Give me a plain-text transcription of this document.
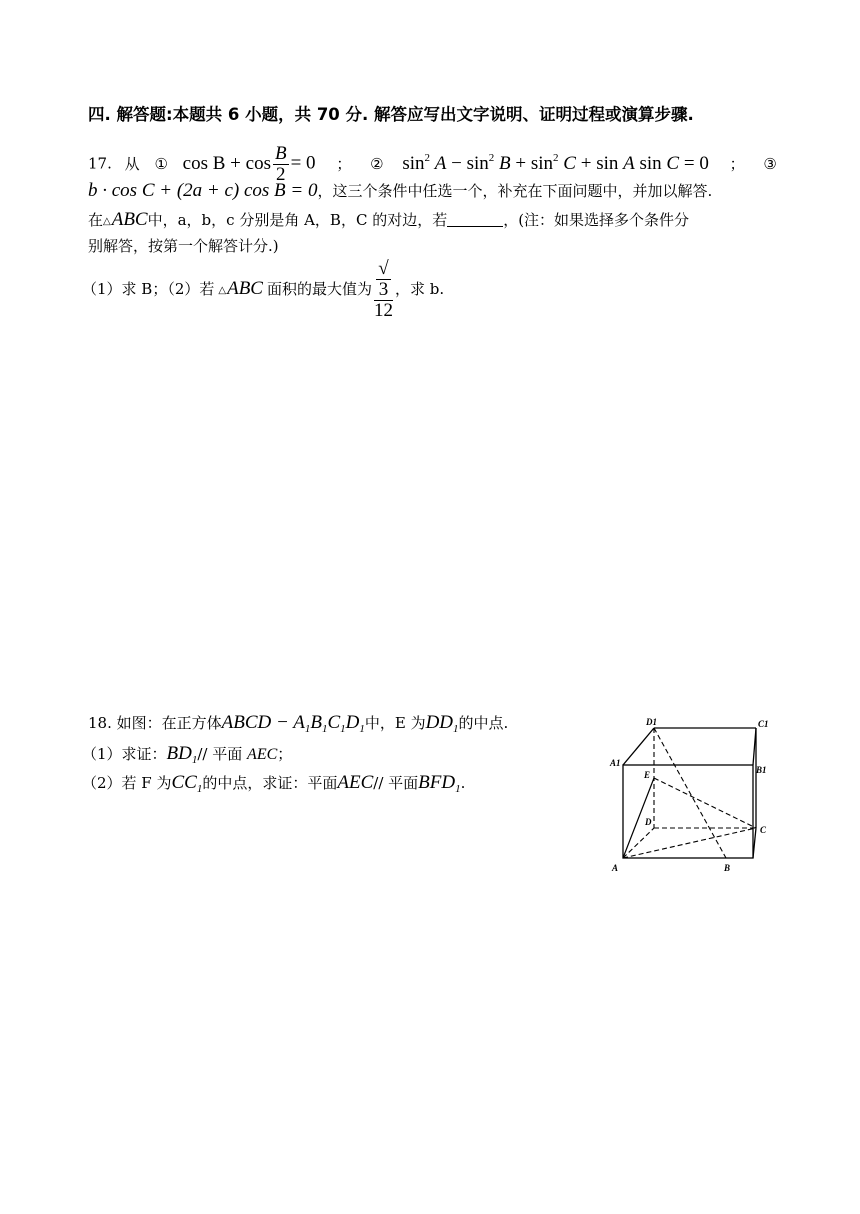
四. 解答题:本题共 6 小题，共 70 分. 解答应写出文字说明、证明过程或演算步骤.
17. 从 ① $\cos B + \cos \frac{B}{2} = 0$ ； ② $\sin^2 A - \sin^2 B + \sin^2 C + \sin A$ sin C = 0 ； ③
b · cos C + (2a + c) cos B = 0，这三个条件中任选一个，补充在下面问题中，并加以解答.
在△ABC中，a，b，c 分别是角 A，B，C 的对边，若	，(注：如果选择多个条件分
别解答，按第一个解答计分.)
（1）求 B；（2）若 △ABC 面积的最大值为 √
3
12 ，求 b.
18. 如图：在正方体ABCD − $A_1B_1C_1D_1$中，E 为$DD_1$的中点.
（1）求证：$BD_1//$ 平面 AEC；
（2）若 F 为$CC_1$的中点，求证：平面AEC// 平面$BFD_1$.
D1	C1
A1
B1
E
D
C
A	B
